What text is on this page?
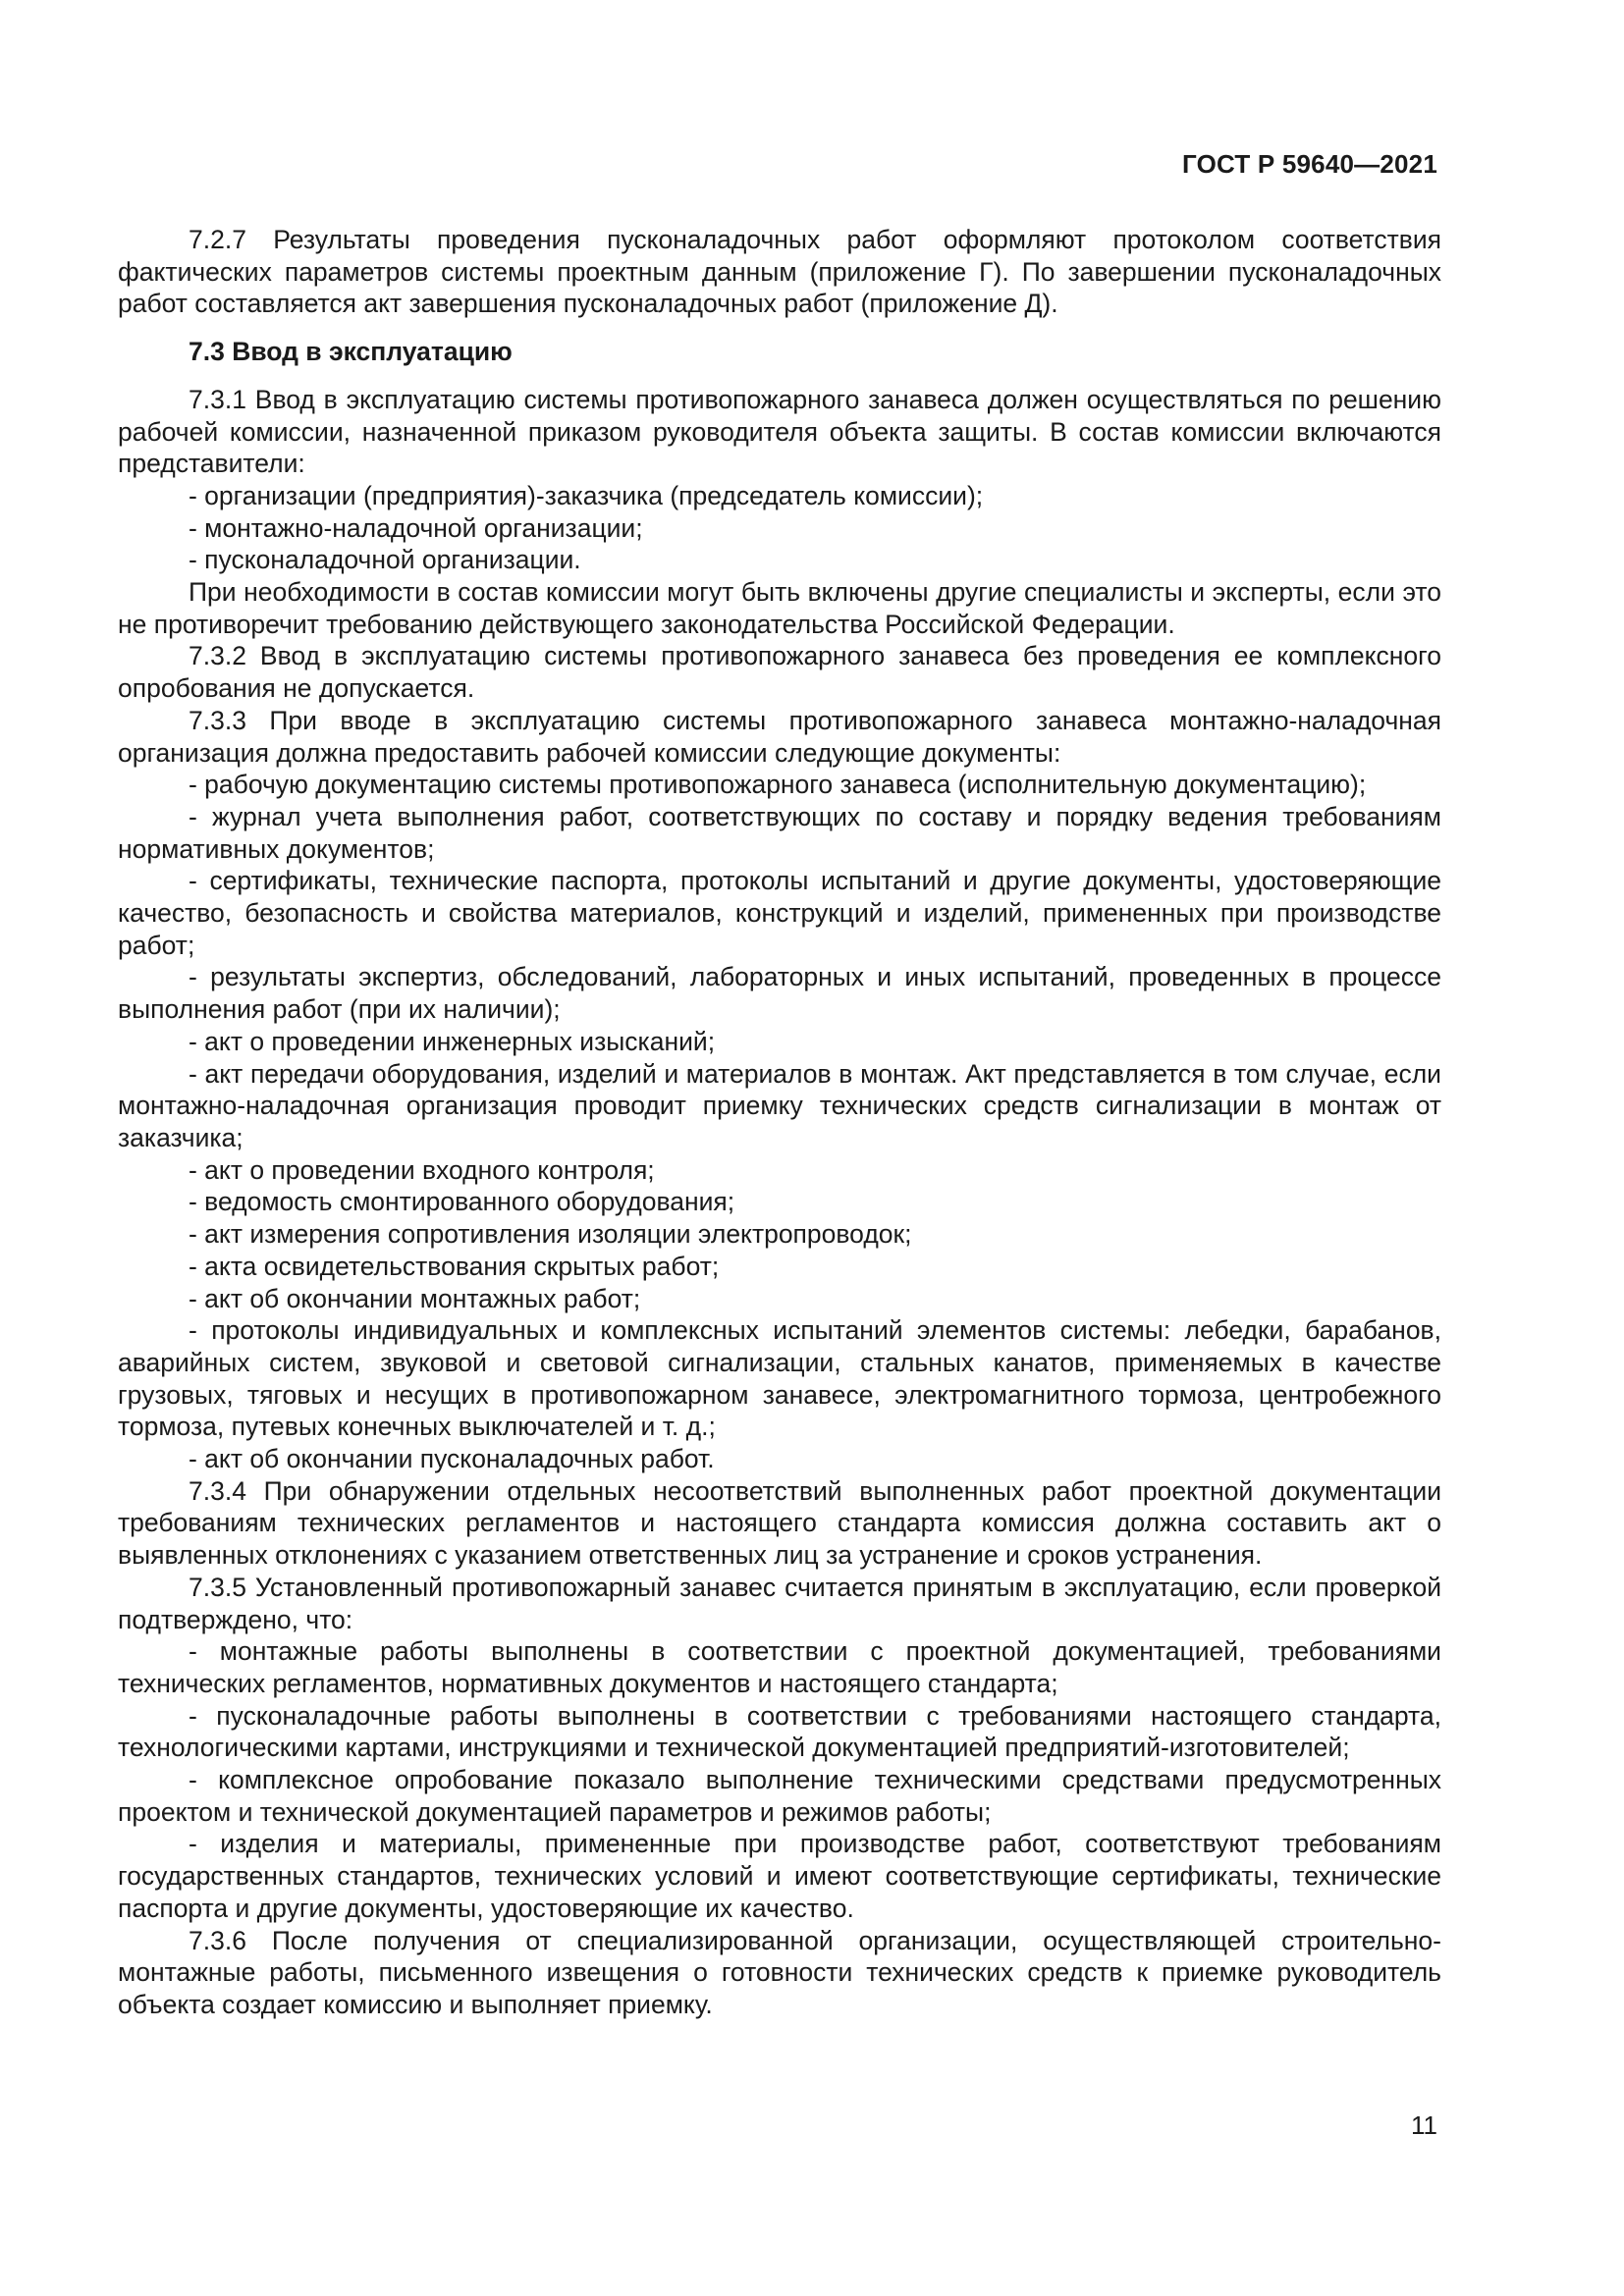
ГОСТ Р 59640—2021

7.2.7 Результаты проведения пусконаладочных работ оформляют протоколом соответствия фактических параметров системы проектным данным (приложение Г). По завершении пусконаладочных работ составляется акт завершения пусконаладочных работ (приложение Д).

7.3 Ввод в эксплуатацию

7.3.1 Ввод в эксплуатацию системы противопожарного занавеса должен осуществляться по решению рабочей комиссии, назначенной приказом руководителя объекта защиты. В состав комиссии включаются представители:

- организации (предприятия)-заказчика (председатель комиссии);

- монтажно-наладочной организации;

- пусконаладочной организации.

При необходимости в состав комиссии могут быть включены другие специалисты и эксперты, если это не противоречит требованию действующего законодательства Российской Федерации.

7.3.2 Ввод в эксплуатацию системы противопожарного занавеса без проведения ее комплексного опробования не допускается.

7.3.3 При вводе в эксплуатацию системы противопожарного занавеса монтажно-наладочная организация должна предоставить рабочей комиссии следующие документы:

- рабочую документацию системы противопожарного занавеса (исполнительную документацию);

- журнал учета выполнения работ, соответствующих по составу и порядку ведения требованиям нормативных документов;

- сертификаты, технические паспорта, протоколы испытаний и другие документы, удостоверяющие качество, безопасность и свойства материалов, конструкций и изделий, примененных при производстве работ;

- результаты экспертиз, обследований, лабораторных и иных испытаний, проведенных в процессе выполнения работ (при их наличии);

- акт о проведении инженерных изысканий;

- акт передачи оборудования, изделий и материалов в монтаж. Акт представляется в том случае, если монтажно-наладочная организация проводит приемку технических средств сигнализации в монтаж от заказчика;

- акт о проведении входного контроля;

- ведомость смонтированного оборудования;

- акт измерения сопротивления изоляции электропроводок;

- акта освидетельствования скрытых работ;

- акт об окончании монтажных работ;

- протоколы индивидуальных и комплексных испытаний элементов системы: лебедки, барабанов, аварийных систем, звуковой и световой сигнализации, стальных канатов, применяемых в качестве грузовых, тяговых и несущих в противопожарном занавесе, электромагнитного тормоза, центробежного тормоза, путевых конечных выключателей и т. д.;

- акт об окончании пусконаладочных работ.

7.3.4 При обнаружении отдельных несоответствий выполненных работ проектной документации требованиям технических регламентов и настоящего стандарта комиссия должна составить акт о выявленных отклонениях с указанием ответственных лиц за устранение и сроков устранения.

7.3.5 Установленный противопожарный занавес считается принятым в эксплуатацию, если проверкой подтверждено, что:

- монтажные работы выполнены в соответствии с проектной документацией, требованиями технических регламентов, нормативных документов и настоящего стандарта;

- пусконаладочные работы выполнены в соответствии с требованиями настоящего стандарта, технологическими картами, инструкциями и технической документацией предприятий-изготовителей;

- комплексное опробование показало выполнение техническими средствами предусмотренных проектом и технической документацией параметров и режимов работы;

- изделия и материалы, примененные при производстве работ, соответствуют требованиям государственных стандартов, технических условий и имеют соответствующие сертификаты, технические паспорта и другие документы, удостоверяющие их качество.

7.3.6 После получения от специализированной организации, осуществляющей строительно-монтажные работы, письменного извещения о готовности технических средств к приемке руководитель объекта создает комиссию и выполняет приемку.

11
